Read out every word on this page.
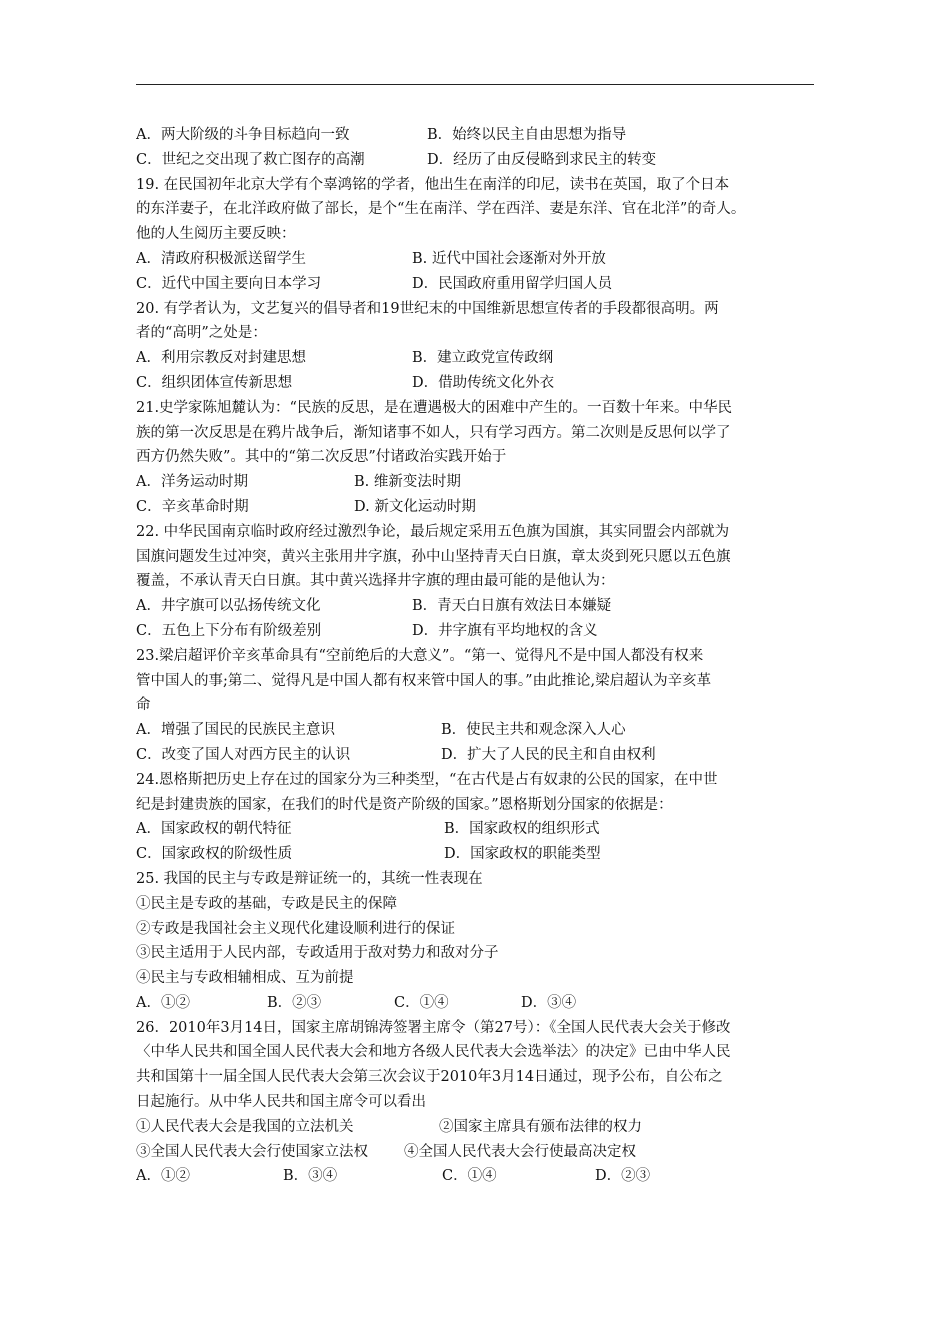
A．两大阶级的斗争目标趋向一致	B．始终以民主自由思想为指导
C．世纪之交出现了救亡图存的高潮	D．经历了由反侵略到求民主的转变
19. 在民国初年北京大学有个辜鸿铭的学者，他出生在南洋的印尼，读书在英国，取了个日本
的东洋妻子，在北洋政府做了部长，是个“生在南洋、学在西洋、妻是东洋、官在北洋”的奇人。
他的人生阅历主要反映：
A．清政府积极派送留学生	B. 近代中国社会逐渐对外开放
C．近代中国主要向日本学习	D．民国政府重用留学归国人员
20. 有学者认为，文艺复兴的倡导者和19世纪末的中国维新思想宣传者的手段都很高明。两
者的“高明”之处是：
A．利用宗教反对封建思想	B．建立政党宣传政纲
C．组织团体宣传新思想	D．借助传统文化外衣
21.史学家陈旭麓认为：“民族的反思，是在遭遇极大的困难中产生的。一百数十年来。中华民
族的第一次反思是在鸦片战争后，渐知诸事不如人，只有学习西方。第二次则是反思何以学了
西方仍然失败”。其中的“第二次反思”付诸政治实践开始于
A．洋务运动时期	B. 维新变法时期
C．辛亥革命时期	D. 新文化运动时期
22. 中华民国南京临时政府经过激烈争论，最后规定采用五色旗为国旗，其实同盟会内部就为
国旗问题发生过冲突，黄兴主张用井字旗，孙中山坚持青天白日旗，章太炎到死只愿以五色旗
覆盖，不承认青天白日旗。其中黄兴选择井字旗的理由最可能的是他认为：
A．井字旗可以弘扬传统文化	B．青天白日旗有效法日本嫌疑
C．五色上下分布有阶级差别	D．井字旗有平均地权的含义
23.梁启超评价辛亥革命具有“空前绝后的大意义”。“第一、觉得凡不是中国人都没有权来
管中国人的事;第二、觉得凡是中国人都有权来管中国人的事。”由此推论,梁启超认为辛亥革
命
A．增强了国民的民族民主意识	B．使民主共和观念深入人心
C．改变了国人对西方民主的认识	D．扩大了人民的民主和自由权利
24.恩格斯把历史上存在过的国家分为三种类型，“在古代是占有奴隶的公民的国家，在中世
纪是封建贵族的国家，在我们的时代是资产阶级的国家。”恩格斯划分国家的依据是：
A．国家政权的朝代特征	B．国家政权的组织形式
C．国家政权的阶级性质	D．国家政权的职能类型
25. 我国的民主与专政是辩证统一的，其统一性表现在
①民主是专政的基础，专政是民主的保障
②专政是我国社会主义现代化建设顺利进行的保证
③民主适用于人民内部，专政适用于敌对势力和敌对分子
④民主与专政相辅相成、互为前提
A．①②	B．②③	C．①④	D．③④
26．2010年3月14日，国家主席胡锦涛签署主席令（第27号）：《全国人民代表大会关于修改
〈中华人民共和国全国人民代表大会和地方各级人民代表大会选举法〉的决定》已由中华人民
共和国第十一届全国人民代表大会第三次会议于2010年3月14日通过，现予公布，自公布之
日起施行。从中华人民共和国主席令可以看出
①人民代表大会是我国的立法机关	②国家主席具有颁布法律的权力
③全国人民代表大会行使国家立法权 ④全国人民代表大会行使最高决定权
A．①②	B．③④	C．①④	D．②③
